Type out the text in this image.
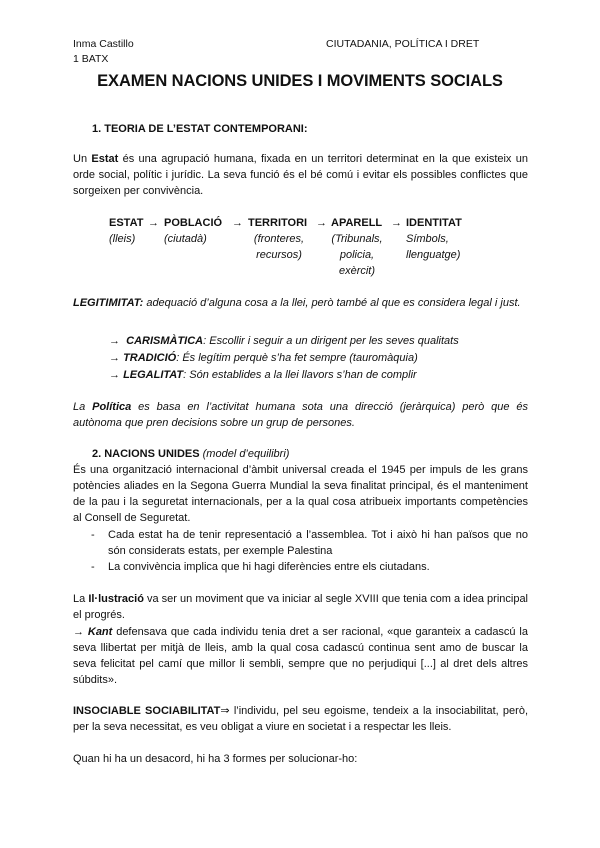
Inma Castillo
1 BATX
CIUTADANIA, POLÍTICA I DRET
EXAMEN NACIONS UNIDES I MOVIMENTS SOCIALS
1. TEORIA DE L’ESTAT CONTEMPORANI:

Un Estat és una agrupació humana, fixada en un territori determinat en la que existeix un orde social, polític i jurídic. La seva funció és el bé comú i evitar els possibles conflictes que sorgeixen per convivència.

ESTAT
(lleis)
→ POBLACIÓ
(ciutadà)
→ TERRITORI
(fronteres, recursos)
→ APARELL
(Tribunals, policia, exèrcit)
→ IDENTITAT
Símbols, llenguatge)

LEGITIMITAT: adequació d’alguna cosa a la llei, però també al que es considera legal i just.

→ CARISMÀTICA: Escollir i seguir a un dirigent per les seves qualitats
→ TRADICIÓ: És legítim perquè s’ha fet sempre (tauromàquia)
→ LEGALITAT: Són establides a la llei llavors s’han de complir

La Política es basa en l’activitat humana sota una direcció (jeràrquica) però que és autònoma que pren decisions sobre un grup de persones.

2. NACIONS UNIDES (model d’equilibri)

És una organització internacional d’àmbit universal creada el 1945 per impuls de les grans potències aliades en la Segona Guerra Mundial la seva finalitat principal, és el manteniment de la pau i la seguretat internacionals, per a la qual cosa atribueix importants competències al Consell de Seguretat.

- Cada estat ha de tenir representació a l’assemblea. Tot i això hi han països que no són considerats estats, per exemple Palestina

- La convivència implica que hi hagi diferències entre els ciutadans.

La Il·lustració va ser un moviment que va iniciar al segle XVIII que tenia com a idea principal el progrés.

→ Kant defensava que cada individu tenia dret a ser racional, «que garanteix a cadascú la seva llibertat per mitjà de lleis, amb la qual cosa cadascú continua sent amo de buscar la seva felicitat pel camí que millor li sembli, sempre que no perjudiqui [...] al dret dels altres súbdits».

INSOCIABLE SOCIABILITAT⇒ l’individu, pel seu egoisme, tendeix a la insociabilitat, però, per la seva necessitat, es veu obligat a viure en societat i a respectar les lleis.

Quan hi ha un desacord, hi ha 3 formes per solucionar-ho:
